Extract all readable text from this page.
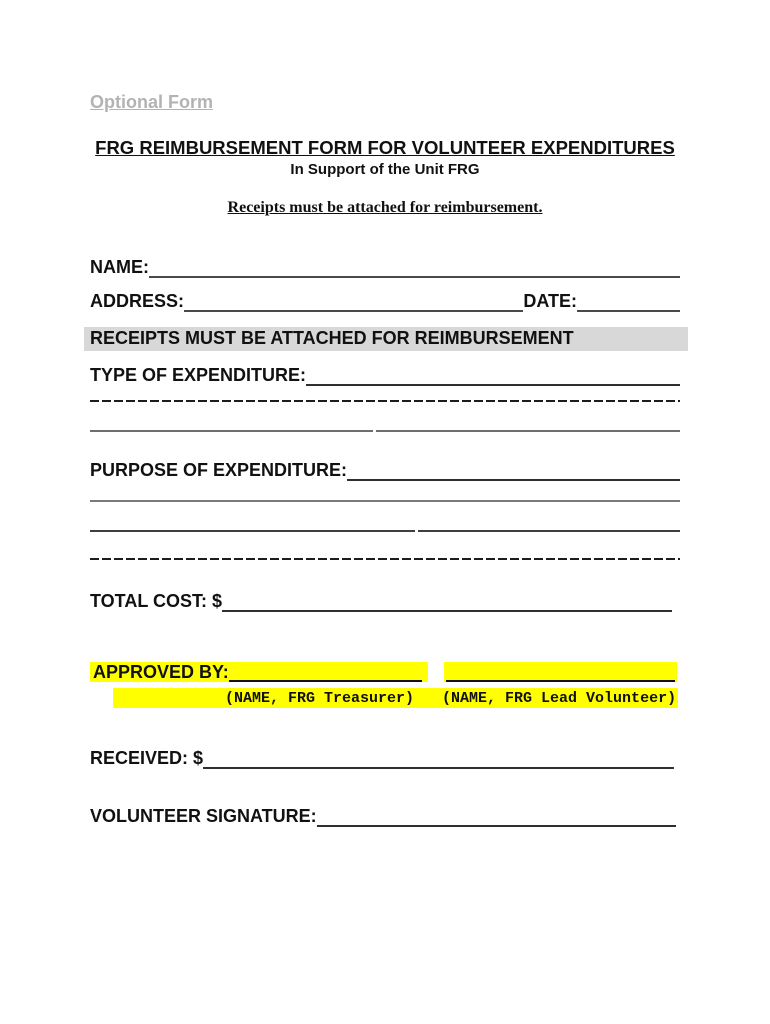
Optional Form
FRG REIMBURSEMENT FORM FOR VOLUNTEER EXPENDITURES
In Support of the Unit FRG
Receipts must be attached for reimbursement.
NAME:
ADDRESS:	DATE:
RECEIPTS MUST BE ATTACHED FOR REIMBURSEMENT
TYPE OF EXPENDITURE:
PURPOSE OF EXPENDITURE:
TOTAL COST: $
APPROVED BY:
(NAME, FRG Treasurer) (NAME, FRG Lead Volunteer)
RECEIVED: $
VOLUNTEER SIGNATURE:
